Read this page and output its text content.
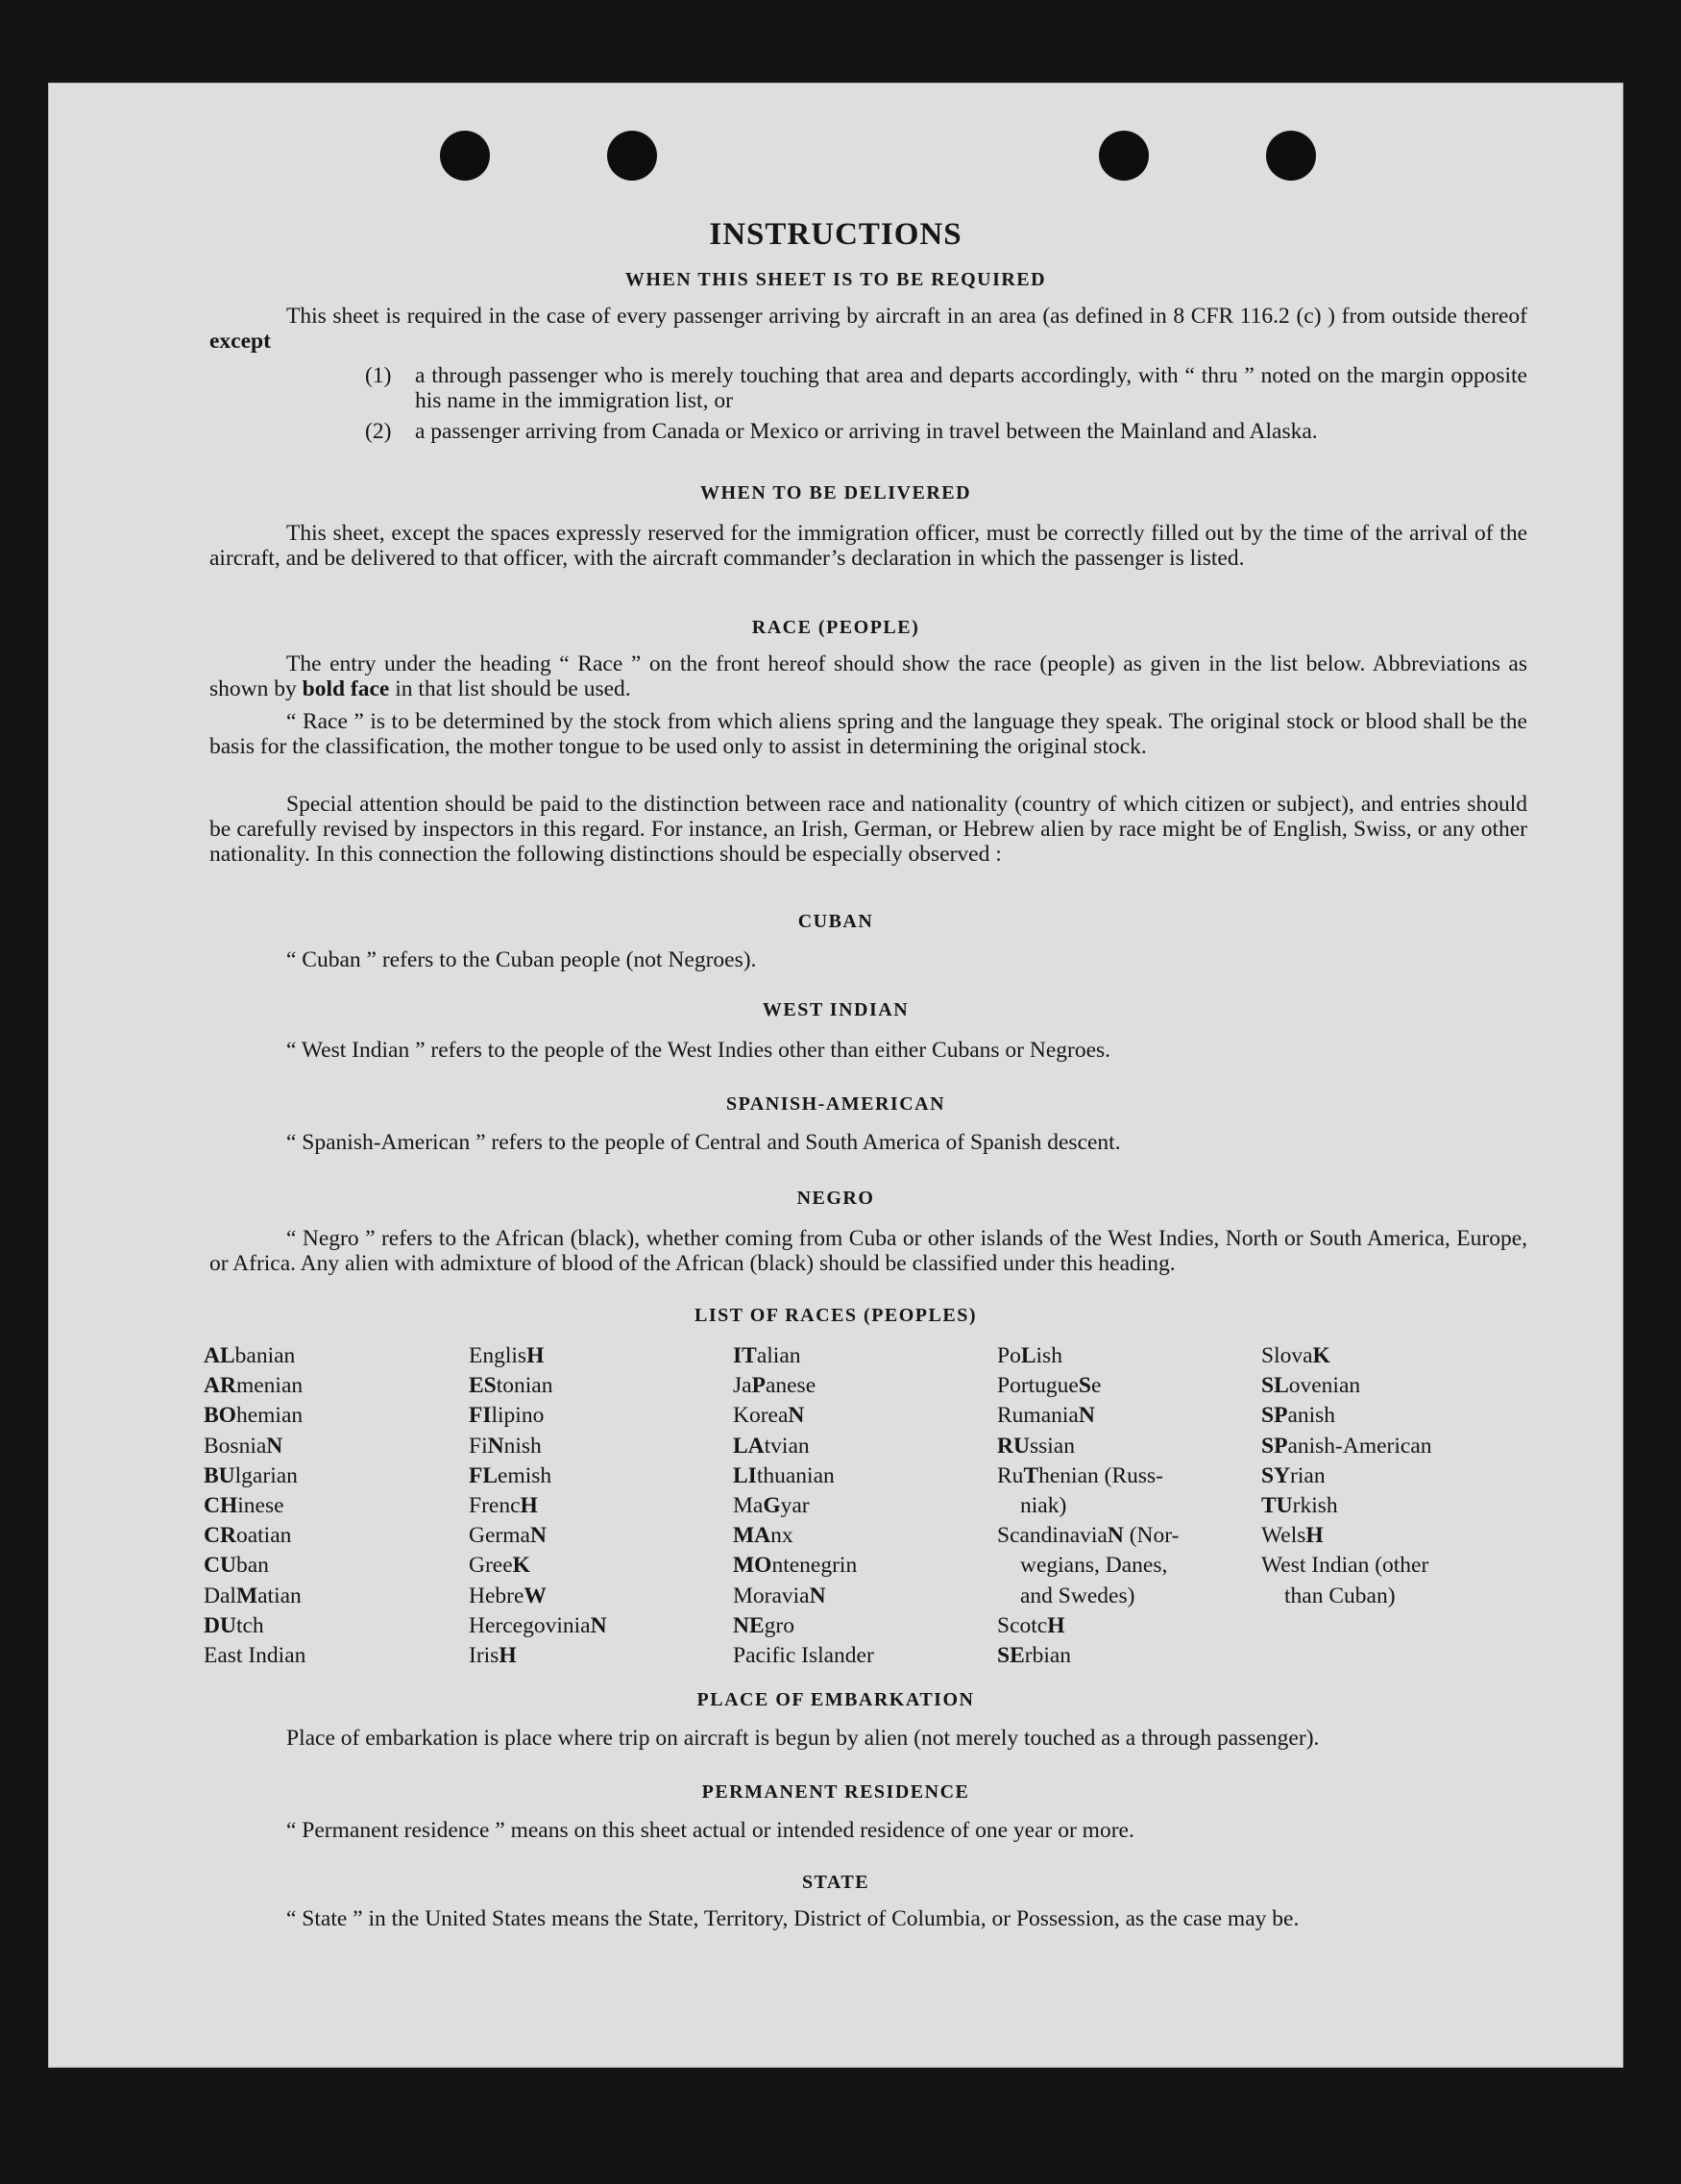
INSTRUCTIONS
WHEN THIS SHEET IS TO BE REQUIRED
This sheet is required in the case of every passenger arriving by aircraft in an area (as defined in 8 CFR 116.2 (c) ) from outside thereof except
(1) a through passenger who is merely touching that area and departs accordingly, with “ thru ” noted on the margin opposite his name in the immigration list, or
(2) a passenger arriving from Canada or Mexico or arriving in travel between the Mainland and Alaska.
WHEN TO BE DELIVERED
This sheet, except the spaces expressly reserved for the immigration officer, must be correctly filled out by the time of the arrival of the aircraft, and be delivered to that officer, with the aircraft commander’s declaration in which the passenger is listed.
RACE (PEOPLE)
The entry under the heading “ Race ” on the front hereof should show the race (people) as given in the list below. Abbreviations as shown by bold face in that list should be used.
“ Race ” is to be determined by the stock from which aliens spring and the language they speak. The original stock or blood shall be the basis for the classification, the mother tongue to be used only to assist in determining the original stock.
Special attention should be paid to the distinction between race and nationality (country of which citizen or subject), and entries should be carefully revised by inspectors in this regard. For instance, an Irish, German, or Hebrew alien by race might be of English, Swiss, or any other nationality. In this connection the following distinctions should be especially observed :
CUBAN
“ Cuban ” refers to the Cuban people (not Negroes).
WEST INDIAN
“ West Indian ” refers to the people of the West Indies other than either Cubans or Negroes.
SPANISH-AMERICAN
“ Spanish-American ” refers to the people of Central and South America of Spanish descent.
NEGRO
“ Negro ” refers to the African (black), whether coming from Cuba or other islands of the West Indies, North or South America, Europe, or Africa. Any alien with admixture of blood of the African (black) should be classified under this heading.
LIST OF RACES (PEOPLES)
ALbanian
ARmenian
BOhemian
BosniaN
BUlgarian
CHinese
CRoatian
CUban
DalMatian
DUtch
East Indian
EnglisH
EStonian
FIlipino
FiNnish
FLemish
FrencH
GermaN
GreeK
HebreW
HercegoviniaN
IrisH
ITalian
JaPanese
KoreaN
LAtvian
LIthuanian
MaGyar
MAnx
MOntenegrin
MoraviaN
NEgro
Pacific Islander
PoLish
PortugueSe
RumaniaN
RUssian
RuThenian (Russ-
niak)
ScandinaviaN (Nor-
wegians, Danes,
and Swedes)
ScotcH
SErbian
SlovaK
SLovenian
SPanish
SPanish-American
SYrian
TUrkish
WelsH
West Indian (other
than Cuban)
PLACE OF EMBARKATION
Place of embarkation is place where trip on aircraft is begun by alien (not merely touched as a through passenger).
PERMANENT RESIDENCE
“ Permanent residence ” means on this sheet actual or intended residence of one year or more.
STATE
“ State ” in the United States means the State, Territory, District of Columbia, or Possession, as the case may be.
